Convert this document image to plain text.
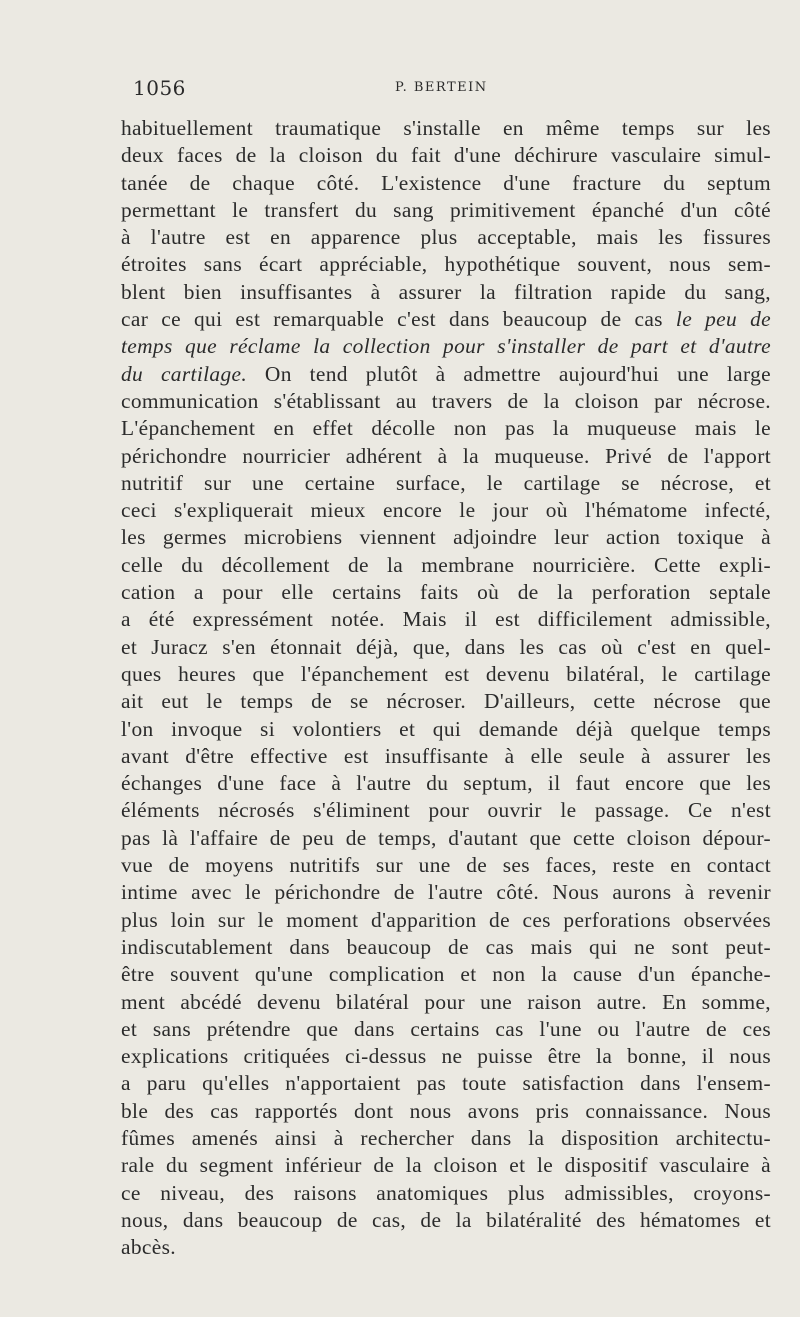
1056	P. BERTEIN
habituellement traumatique s'installe en même temps sur les
deux faces de la cloison du fait d'une déchirure vasculaire simul-
tanée de chaque côté. L'existence d'une fracture du septum
permettant le transfert du sang primitivement épanché d'un côté
à l'autre est en apparence plus acceptable, mais les fissures
étroites sans écart appréciable, hypothétique souvent, nous sem-
blent bien insuffisantes à assurer la filtration rapide du sang,
car ce qui est remarquable c'est dans beaucoup de cas le peu de
temps que réclame la collection pour s'installer de part et d'autre
du cartilage. On tend plutôt à admettre aujourd'hui une large
communication s'établissant au travers de la cloison par nécrose.
L'épanchement en effet décolle non pas la muqueuse mais le
périchondre nourricier adhérent à la muqueuse. Privé de l'apport
nutritif sur une certaine surface, le cartilage se nécrose, et
ceci s'expliquerait mieux encore le jour où l'hématome infecté,
les germes microbiens viennent adjoindre leur action toxique à
celle du décollement de la membrane nourricière. Cette expli-
cation a pour elle certains faits où de la perforation septale
a été expressément notée. Mais il est difficilement admissible,
et Juracz s'en étonnait déjà, que, dans les cas où c'est en quel-
ques heures que l'épanchement est devenu bilatéral, le cartilage
ait eut le temps de se nécroser. D'ailleurs, cette nécrose que
l'on invoque si volontiers et qui demande déjà quelque temps
avant d'être effective est insuffisante à elle seule à assurer les
échanges d'une face à l'autre du septum, il faut encore que les
éléments nécrosés s'éliminent pour ouvrir le passage. Ce n'est
pas là l'affaire de peu de temps, d'autant que cette cloison dépour-
vue de moyens nutritifs sur une de ses faces, reste en contact
intime avec le périchondre de l'autre côté. Nous aurons à revenir
plus loin sur le moment d'apparition de ces perforations observées
indiscutablement dans beaucoup de cas mais qui ne sont peut-
être souvent qu'une complication et non la cause d'un épanche-
ment abcédé devenu bilatéral pour une raison autre. En somme,
et sans prétendre que dans certains cas l'une ou l'autre de ces
explications critiquées ci-dessus ne puisse être la bonne, il nous
a paru qu'elles n'apportaient pas toute satisfaction dans l'ensem-
ble des cas rapportés dont nous avons pris connaissance. Nous
fûmes amenés ainsi à rechercher dans la disposition architectu-
rale du segment inférieur de la cloison et le dispositif vasculaire à
ce niveau, des raisons anatomiques plus admissibles, croyons-
nous, dans beaucoup de cas, de la bilatéralité des hématomes et
abcès.
